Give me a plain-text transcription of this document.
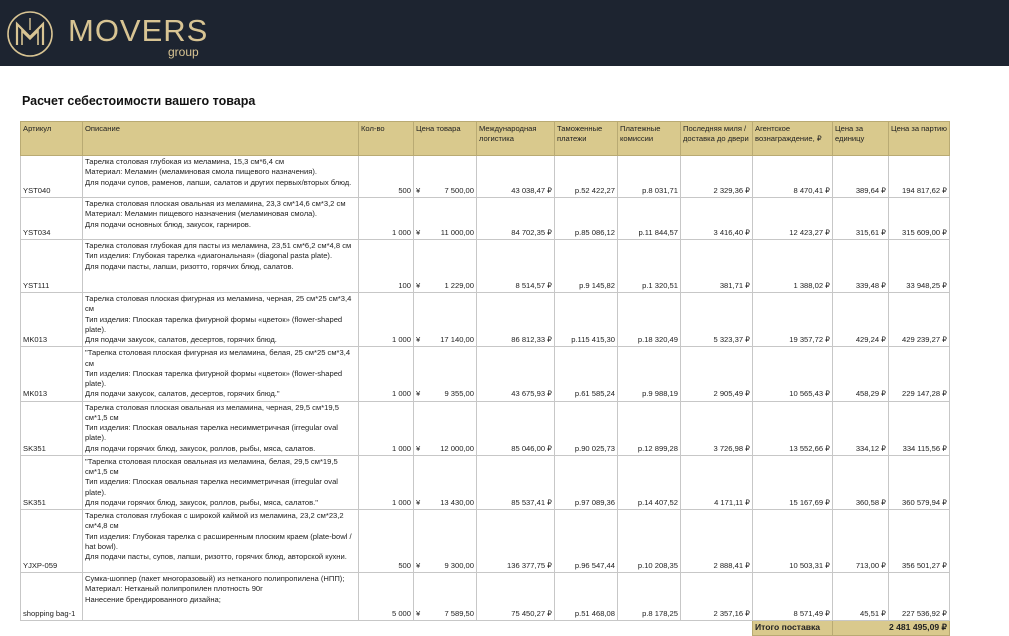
MOVERS
group
Расчет себестоимости вашего товара
Артикул	Описание	Кол-во	Цена товара	Международная логистика	Таможенные платежи	Платежные комиссии	Последняя миля / доставка до двери	Агентское вознаграждение, ₽	Цена за единицу	Цена за партию
YST040	Тарелка столовая глубокая из меламина, 15,3 см*6,4 см
Материал: Меламин (меламиновая смола пищевого назначения).
Для подачи супов, раменов, лапши, салатов и других первых/вторых блюд.	500	¥ 7 500,00	43 038,47 ₽	р.52 422,27	р.8 031,71	2 329,36 ₽	8 470,41 ₽	389,64 ₽	194 817,62 ₽
YST034	Тарелка столовая плоская овальная из меламина, 23,3 см*14,6 см*3,2 см
Материал: Меламин пищевого назначения (меламиновая смола).
Для подачи основных блюд, закусок, гарниров.	1 000	¥ 11 000,00	84 702,35 ₽	р.85 086,12	р.11 844,57	3 416,40 ₽	12 423,27 ₽	315,61 ₽	315 609,00 ₽
YST111	Тарелка столовая глубокая для пасты из меламина, 23,51 см*6,2 см*4,8 см
Тип изделия: Глубокая тарелка «диагональная» (diagonal pasta plate).
Для подачи пасты, лапши, ризотто, горячих блюд, салатов.	100	¥ 1 229,00	8 514,57 ₽	р.9 145,82	р.1 320,51	381,71 ₽	1 388,02 ₽	339,48 ₽	33 948,25 ₽
MK013	Тарелка столовая плоская фигурная из меламина, черная, 25 см*25 см*3,4 см
Тип изделия: Плоская тарелка фигурной формы «цветок» (flower-shaped plate).
Для подачи закусок, салатов, десертов, горячих блюд.	1 000	¥ 17 140,00	86 812,33 ₽	р.115 415,30	р.18 320,49	5 323,37 ₽	19 357,72 ₽	429,24 ₽	429 239,27 ₽
MK013	"Тарелка столовая плоская фигурная из меламина, белая, 25 см*25 см*3,4 см
Тип изделия: Плоская тарелка фигурной формы «цветок» (flower-shaped plate).
Для подачи закусок, салатов, десертов, горячих блюд."	1 000	¥ 9 355,00	43 675,93 ₽	р.61 585,24	р.9 988,19	2 905,49 ₽	10 565,43 ₽	458,29 ₽	229 147,28 ₽
SK351	Тарелка столовая плоская овальная из меламина, черная, 29,5 см*19,5 см*1,5 см
Тип изделия: Плоская овальная тарелка несимметричная (irregular oval plate).
Для подачи горячих блюд, закусок, роллов, рыбы, мяса, салатов.	1 000	¥ 12 000,00	85 046,00 ₽	р.90 025,73	р.12 899,28	3 726,98 ₽	13 552,66 ₽	334,12 ₽	334 115,56 ₽
SK351	"Тарелка столовая плоская овальная из меламина, белая, 29,5 см*19,5 см*1,5 см
Тип изделия: Плоская овальная тарелка несимметричная (irregular oval plate).
Для подачи горячих блюд, закусок, роллов, рыбы, мяса, салатов."	1 000	¥ 13 430,00	85 537,41 ₽	р.97 089,36	р.14 407,52	4 171,11 ₽	15 167,69 ₽	360,58 ₽	360 579,94 ₽
YJXP-059	Тарелка столовая глубокая с широкой каймой из меламина, 23,2 см*23,2 см*4,8 см
Тип изделия: Глубокая тарелка с расширенным плоским краем (plate-bowl / hat bowl).
Для подачи пасты, супов, лапши, ризотто, горячих блюд, авторской кухни.	500	¥ 9 300,00	136 377,75 ₽	р.96 547,44	р.10 208,35	2 888,41 ₽	10 503,31 ₽	713,00 ₽	356 501,27 ₽
shopping bag-1	Сумка-шоппер (пакет многоразовый) из нетканого полипропилена (НПП);
Материал: Нетканый полипропилен плотность 90г
Нанесение брендированного дизайна;	5 000	¥ 7 589,50	75 450,27 ₽	р.51 468,08	р.8 178,25	2 357,16 ₽	8 571,49 ₽	45,51 ₽	227 536,92 ₽
								Итого поставка	2 481 495,09 ₽	
